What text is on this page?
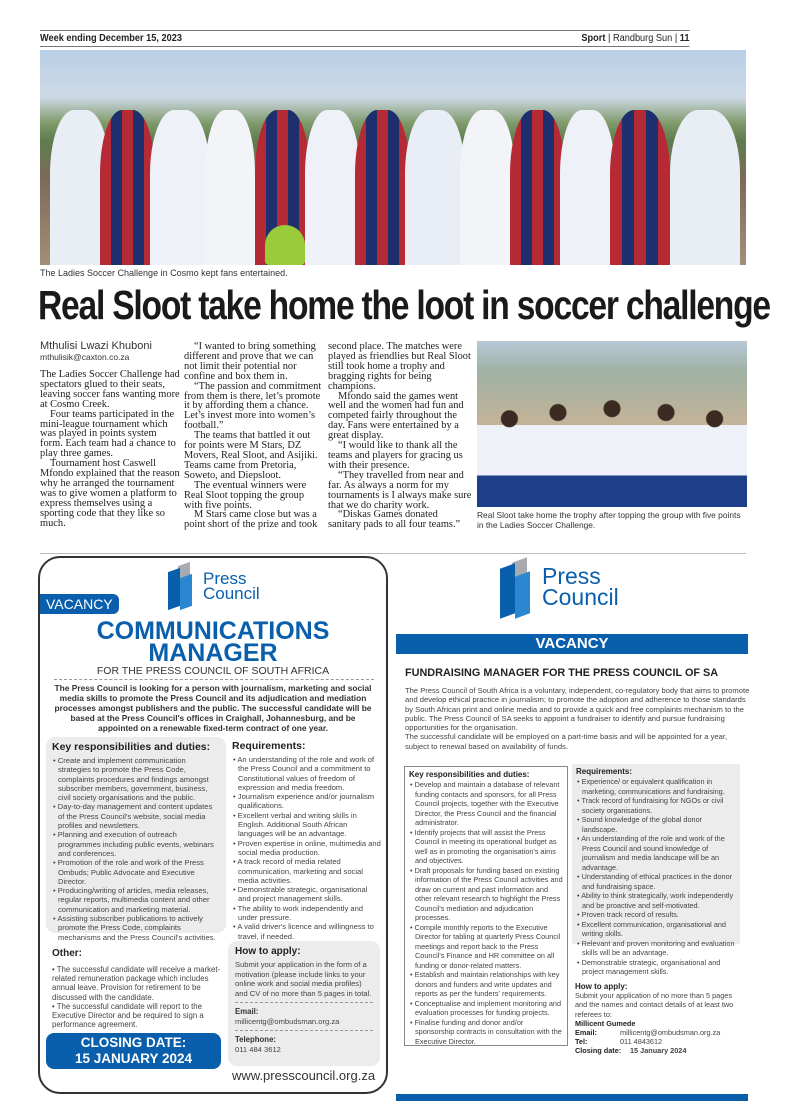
Week ending December 15, 2023	Sport | Randburg Sun | 11
The Ladies Soccer Challenge in Cosmo kept fans entertained.
Real Sloot take home the loot in soccer challenge
Mthulisi Lwazi Khuboni
mthulisik@caxton.co.za

The Ladies Soccer Challenge had spectators glued to their seats, leaving soccer fans wanting more at Cosmo Creek.

Four teams participated in the mini-league tournament which was played in points system form. Each team had a chance to play three games.

Tournament host Caswell Mfondo explained that the reason why he arranged the tournament was to give women a platform to express themselves using a sporting code that they like so much.

“I wanted to bring something different and prove that we can not limit their potential nor confine and box them in.

“The passion and commitment from them is there, let’s promote it by affording them a chance. Let’s invest more into women’s football.”

The teams that battled it out for points were M Stars, DZ Movers, Real Sloot, and Asijiki. Teams came from Pretoria, Soweto, and Diepsloot.

The eventual winners were Real Sloot topping the group with five points.

M Stars came close but was a point short of the prize and took

second place. The matches were played as friendlies but Real Sloot still took home a trophy and bragging rights for being champions.

Mfondo said the games went well and the women had fun and competed fairly throughout the day. Fans were entertained by a great display.

“I would like to thank all the teams and players for gracing us with their presence.

“They travelled from near and far. As always a norm for my tournaments is I always make sure that we do charity work.

“Diskas Games donated sanitary pads to all four teams.”

Real Sloot take home the trophy after topping the group with five points in the Ladies Soccer Challenge.
Press
Council
VACANCY
COMMUNICATIONS
MANAGER
FOR THE PRESS COUNCIL OF SOUTH AFRICA
The Press Council is looking for a person with journalism, marketing and social media skills to promote the Press Council and its adjudication and mediation processes amongst publishers and the public. The successful candidate will be based at the Press Council's offices in Craighall, Johannesburg, and be appointed on a renewable fixed-term contract of one year.
Key responsibilities and duties:
• Create and implement communication strategies to promote the Press Code, complaints procedures and findings amongst subscriber members, government, business, civil society organisations and the public.
• Day-to-day management and content updates of the Press Council's website, social media profiles and newsletters.
• Planning and execution of outreach programmes including public events, webinars and conferences.
• Promotion of the role and work of the Press Ombuds; Public Advocate and Executive Director.
• Producing/writing of articles, media releases, regular reports, multimedia content and other communication and marketing material.
• Assisting subscriber publications to actively promote the Press Code, complaints mechanisms and the Press Council's activities.
Requirements:
• An understanding of the role and work of the Press Council and a commitment to Constitutional values of freedom of expression and media freedom.
• Journalism experience and/or journalism qualifications.
• Excellent verbal and writing skills in English. Additional South African languages will be an advantage.
• Proven expertise in online, multimedia and social media production.
• A track record of media related communication, marketing and social media activities.
• Demonstrable strategic, organisational and project management skills.
• The ability to work independently and under pressure.
• A valid driver's licence and willingness to travel, if needed.
Other:

• The successful candidate will receive a market-related remuneration package which includes annual leave. Provision for retirement to be discussed with the candidate.

• The successful candidate will report to the Executive Director and be required to sign a performance agreement.

CLOSING DATE:
15 JANUARY 2024
How to apply:

Submit your application in the form of a motivation (please include links to your online work and social media profiles) and CV of no more than 5 pages in total.

Email:

millicentg@ombudsman.org.za

Telephone:

011 484 3612

www.presscouncil.org.za
Press
Council
VACANCY
FUNDRAISING MANAGER FOR THE PRESS COUNCIL OF SA

The Press Council of South Africa is a voluntary, independent, co-regulatory body that aims to promote and develop ethical practice in journalism; to promote the adoption and adherence to those standards by South African print and online media and to provide a quick and free complaints mechanism to the public. The Press Council of SA seeks to appoint a fundraiser to identify and pursue fundraising opportunities for the organisation.

The successful candidate will be employed on a part-time basis and will be appointed for a year, subject to renewal based on availability of funds.

Key responsibilities and duties:
• Develop and maintain a database of relevant funding contacts and sponsors, for all Press Council projects, together with the Executive Director, the Press Council and the financial administrator.
• Identify projects that will assist the Press Council in meeting its operational budget as well as in promoting the organisation's aims and objectives.
• Draft proposals for funding based on existing information of the Press Council activities and draw on current and past information and other relevant research to highlight the Press Council's mediation and adjudication processes.
• Compile monthly reports to the Executive Director for tabling at quarterly Press Council meetings and report back to the Press Council's Finance and HR committee on all funding or donor-related matters.
• Establish and maintain relationships with key donors and funders and write updates and reports as per the funders' requirements.
• Conceptualise and implement monitoring and evaluation processes for funding projects.
• Finalise funding and donor and/or sponsorship contracts in consultation with the Executive Director.
Requirements:
• Experience/ or equivalent qualification in marketing, communications and fundraising.
• Track record of fundraising for NGOs or civil society organisations.
• Sound knowledge of the global donor landscape.
• An understanding of the role and work of the Press Council and sound knowledge of journalism and media landscape will be an advantage.
• Understanding of ethical practices in the donor and fundraising space.
• Ability to think strategically, work independently and be proactive and self-motivated.
• Proven track record of results.
• Excellent communication, organisational and writing skills.
• Relevant and proven monitoring and evaluation skills will be an advantage.
• Demonstrable strategic, organisational and project management skills.
How to apply:

Submit your application of no more than 5 pages and the names and contact details of at least two referees to:

Millicent Gumede

Email:	millicentg@ombudsman.org.za
Tel:	011 4843612
Closing date:	15 January 2024
